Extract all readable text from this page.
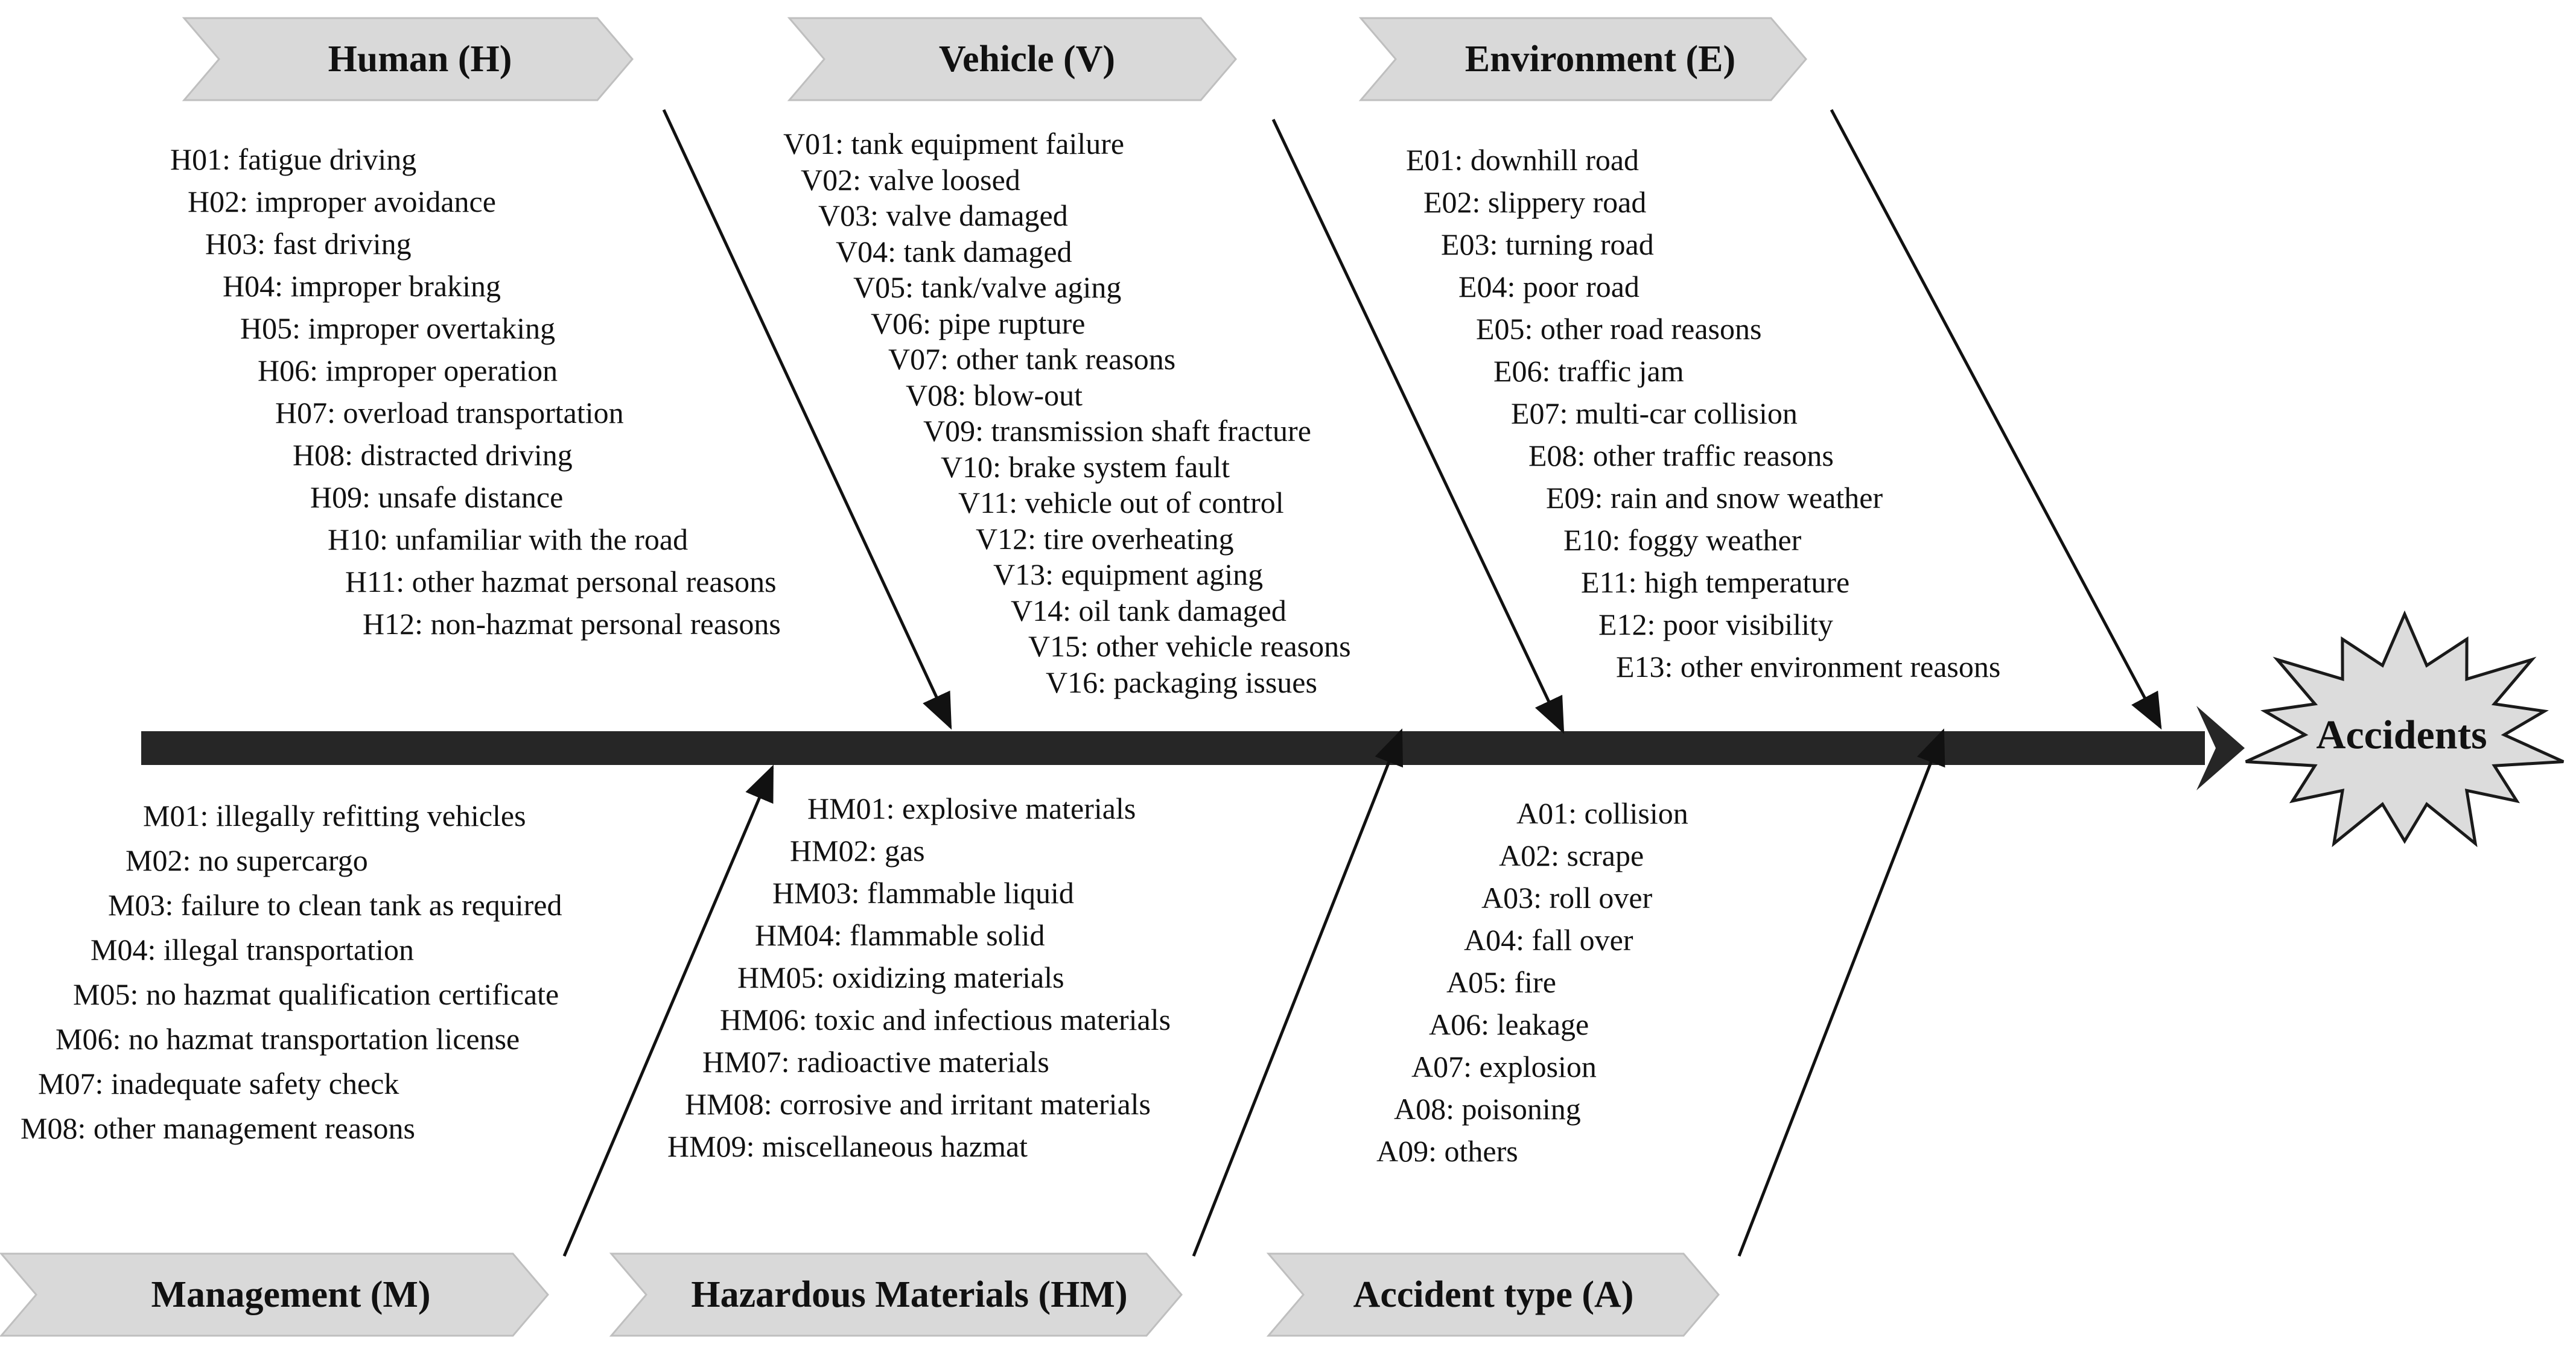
Human (H)	Vehicle (V)	Environment (E)
Management (M)	Hazardous Materials (HM)	Accident type (A)
Accidents
H01: fatigue driving
H02: improper avoidance
H03: fast driving
H04: improper braking
H05: improper overtaking
H06: improper operation
H07: overload transportation
H08: distracted driving
H09: unsafe distance
H10: unfamiliar with the road
H11: other hazmat personal reasons
H12: non-hazmat personal reasons
V01: tank equipment failure
V02: valve loosed
V03: valve damaged
V04: tank damaged
V05: tank/valve aging
V06: pipe rupture
V07: other tank reasons
V08: blow-out
V09: transmission shaft fracture
V10: brake system fault
V11: vehicle out of control
V12: tire overheating
V13: equipment aging
V14: oil tank damaged
V15: other vehicle reasons
V16: packaging issues
E01: downhill road
E02: slippery road
E03: turning road
E04: poor road
E05: other road reasons
E06: traffic jam
E07: multi-car collision
E08: other traffic reasons
E09: rain and snow weather
E10: foggy weather
E11: high temperature
E12: poor visibility
E13: other environment reasons
M01: illegally refitting vehicles
M02: no supercargo
M03: failure to clean tank as required
M04: illegal transportation
M05: no hazmat qualification certificate
M06: no hazmat transportation license
M07: inadequate safety check
M08: other management reasons
HM01: explosive materials
HM02: gas
HM03: flammable liquid
HM04: flammable solid
HM05: oxidizing materials
HM06: toxic and infectious materials
HM07: radioactive materials
HM08: corrosive and irritant materials
HM09: miscellaneous hazmat
A01: collision
A02: scrape
A03: roll over
A04: fall over
A05: fire
A06: leakage
A07: explosion
A08: poisoning
A09: others
